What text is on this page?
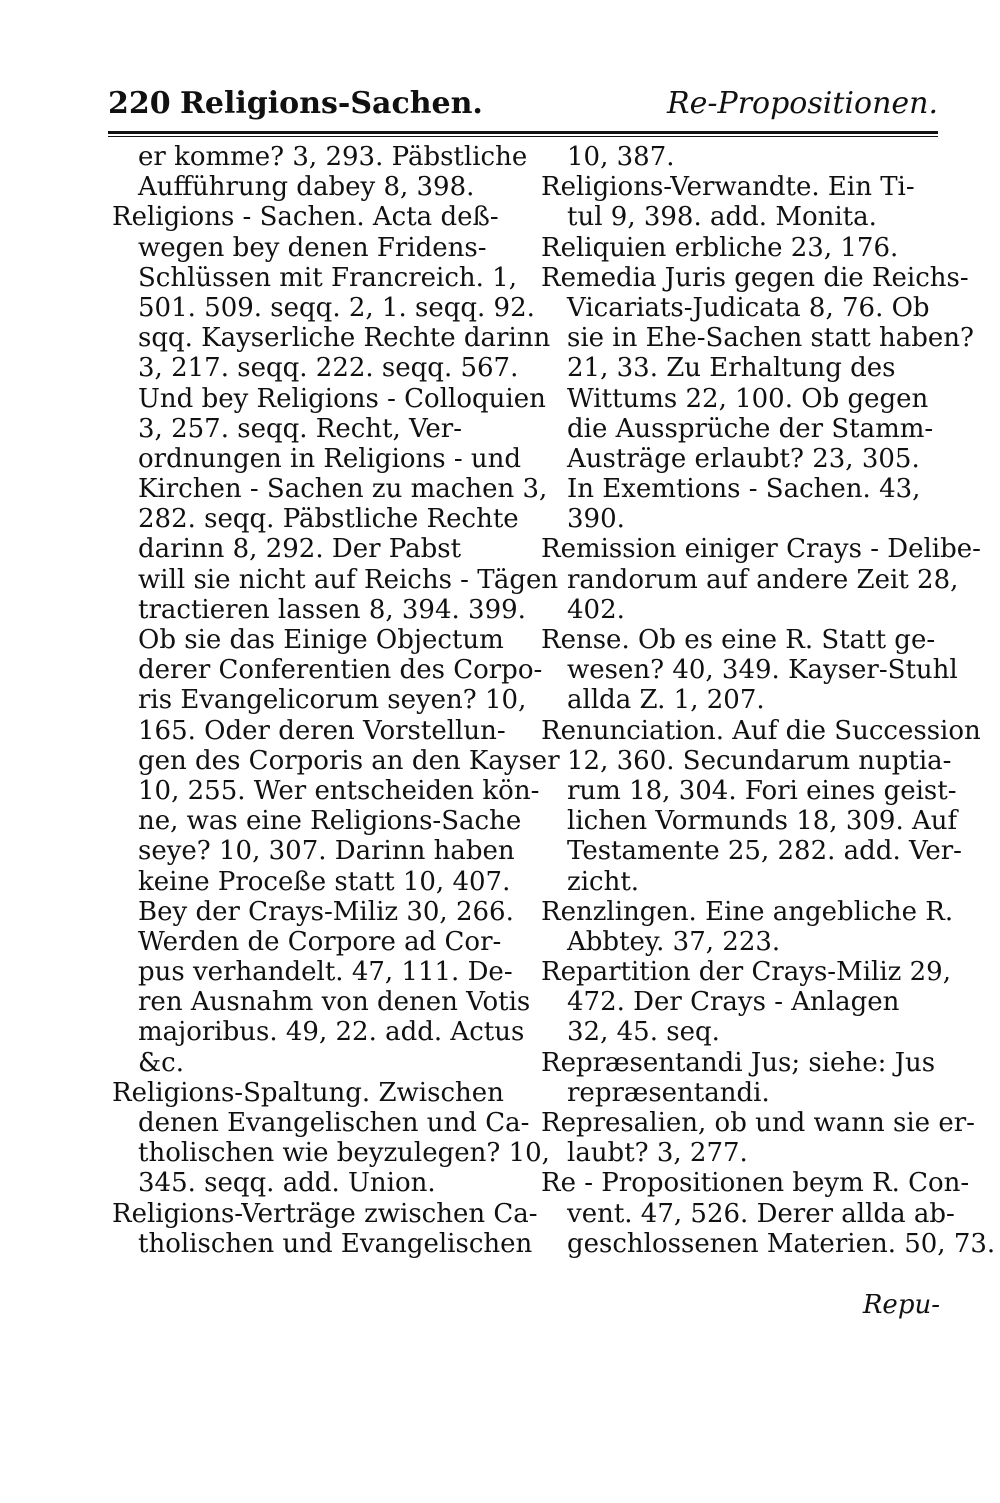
220 Religions-Sachen.	Re-Propositionen.
er komme? 3, 293. Päbstliche
Aufführung dabey 8, 398.
Religions - Sachen. Acta deß-
wegen bey denen Fridens-
Schlüssen mit Francreich. 1,
501. 509. seqq. 2, 1. seqq. 92.
sqq. Kayserliche Rechte darinn
3, 217. seqq. 222. seqq. 567.
Und bey Religions - Colloquien
3, 257. seqq. Recht, Ver-
ordnungen in Religions - und
Kirchen - Sachen zu machen 3,
282. seqq. Päbstliche Rechte
darinn 8, 292. Der Pabst
will sie nicht auf Reichs - Tägen
tractieren lassen 8, 394. 399.
Ob sie das Einige Objectum
derer Conferentien des Corpo-
ris Evangelicorum seyen? 10,
165. Oder deren Vorstellun-
gen des Corporis an den Kayser
10, 255. Wer entscheiden kön-
ne, was eine Religions-Sache
seye? 10, 307. Darinn haben
keine Proceße statt 10, 407.
Bey der Crays-Miliz 30, 266.
Werden de Corpore ad Cor-
pus verhandelt. 47, 111. De-
ren Ausnahm von denen Votis
majoribus. 49, 22. add. Actus
&c.
Religions-Spaltung. Zwischen
denen Evangelischen und Ca-
tholischen wie beyzulegen? 10,
345. seqq. add. Union.
Religions-Verträge zwischen Ca-
tholischen und Evangelischen
10, 387.
Religions-Verwandte. Ein Ti-
tul 9, 398. add. Monita.
Reliquien erbliche 23, 176.
Remedia Juris gegen die Reichs-
Vicariats-Judicata 8, 76. Ob
sie in Ehe-Sachen statt haben?
21, 33. Zu Erhaltung des
Wittums 22, 100. Ob gegen
die Aussprüche der Stamm-
Austräge erlaubt? 23, 305.
In Exemtions - Sachen. 43,
390.
Remission einiger Crays - Delibe-
randorum auf andere Zeit 28,
402.
Rense. Ob es eine R. Statt ge-
wesen? 40, 349. Kayser-Stuhl
allda Z. 1, 207.
Renunciation. Auf die Succession
12, 360. Secundarum nuptia-
rum 18, 304. Fori eines geist-
lichen Vormunds 18, 309. Auf
Testamente 25, 282. add. Ver-
zicht.
Renzlingen. Eine angebliche R.
Abbtey. 37, 223.
Repartition der Crays-Miliz 29,
472. Der Crays - Anlagen
32, 45. seq.
Repræsentandi Jus; siehe: Jus
repræsentandi.
Represalien, ob und wann sie er-
laubt? 3, 277.
Re - Propositionen beym R. Con-
vent. 47, 526. Derer allda ab-
geschlossenen Materien. 50, 73.
Repu-
